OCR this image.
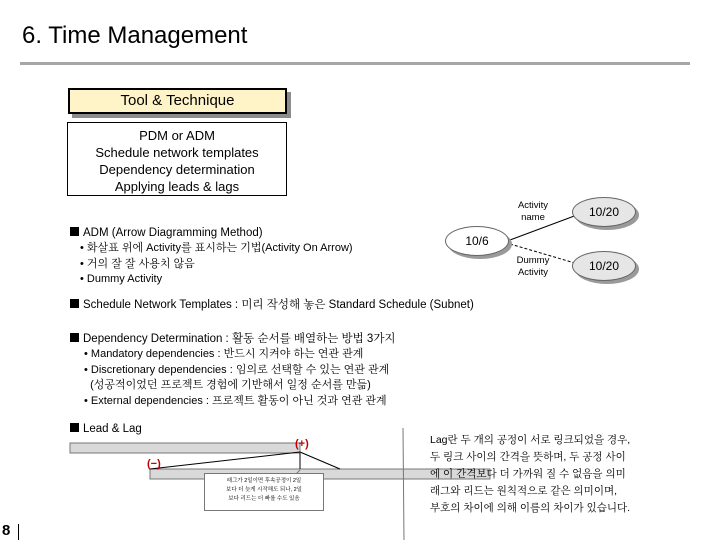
6. Time Management
Tool & Technique
PDM or ADM
Schedule network templates
Dependency determination
Applying leads & lags
ADM (Arrow Diagramming Method)
• 화살표 위에 Activity를 표시하는 기법(Activity On Arrow)
• 거의 잘 잘 사용치 않음
• Dummy Activity
Activity
name
Dummy
Activity
10/6
10/20
10/20
Schedule Network Templates : 미리 작성해 놓은 Standard Schedule (Subnet)
Dependency Determination : 활동 순서를 배열하는 방법 3가지
• Mandatory dependencies : 반드시 지켜야 하는 연관 관계
• Discretionary dependencies : 임의로 선택할 수 있는 연관 관계
(성공적이었던 프로젝트 경험에 기반해서 일정 순서를 만듦)
• External dependencies : 프로젝트 활동이 아닌 것과 연관 관계
Lead & Lag
(+)
(−)
래그가 2일이면 후속공정이 2일
보다 더 늦게 시작해도 되나, 2일
보다 리드는 더 빠를 수도 있음
Lag란 두 개의 공정이 서로 링크되었을 경우,
두 링크 사이의 간격을 뜻하며, 두 공정 사이
에 이 간격보다 더 가까워 질 수 없음을 의미
래그와 리드는 원칙적으로 같은 의미이며,
부호의 차이에 의해 이름의 차이가 있습니다.
8
